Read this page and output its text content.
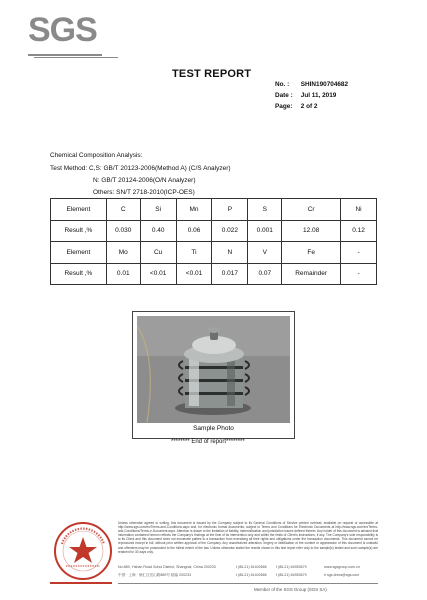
SGS
TEST REPORT
No. : SHIN190704682
Date : Jul 11, 2019
Page: 2 of 2
Chemical Composition Analysis:
Test Method: C,S: GB/T 20123-2006(Method A) (C/S Analyzer)
N: GB/T 20124-2006(O/N Analyzer)
Others: SN/T 2718-2010(ICP-OES)
Element	C	Si	Mn	P	S	Cr	Ni
Result ,%	0.030	0.40	0.06	0.022	0.001	12.08	0.12
Element	Mo	Cu	Ti	N	V	Fe	-
Result ,%	0.01	<0.01	<0.01	0.017	0.07	Remainder	-
Sample Photo
******** End of report********
Unless otherwise agreed in writing, this document is issued by the Company subject to its General Conditions of Service printed overleaf, available on request or accessible at http://www.sgs.com/en/Terms-and-Conditions.aspx and, for electronic format documents, subject to Terms and Conditions for Electronic Documents at http://www.sgs.com/en/Terms-and-Conditions/Terms-e-Document.aspx. Attention is drawn to the limitation of liability, indemnification and jurisdiction issues defined therein. Any holder of this document is advised that information contained hereon reflects the Company's findings at the time of its intervention only and within the limits of Client's instructions, if any. The Company's sole responsibility is to its Client and this document does not exonerate parties to a transaction from exercising all their rights and obligations under the transaction documents. This document cannot be reproduced except in full, without prior written approval of the Company. Any unauthorized alteration, forgery or falsification of the content or appearance of this document is unlawful and offenders may be prosecuted to the fullest extent of the law. Unless otherwise stated the results shown in this test report refer only to the sample(s) tested and such sample(s) are retained for 30 days only.
No.889, Yishan Road Xuhui District, Shanghai, China 200233	t (86-21) 61402666	f (86-21) 64953679	www.sgsgroup.com.cn
中国 · 上海 · 徐汇区宜山路889号 邮编 200233	t (86-21) 61402666	f (86-21) 64953679	e sgs.china@sgs.com
Member of the SGS Group (SGS SA)
